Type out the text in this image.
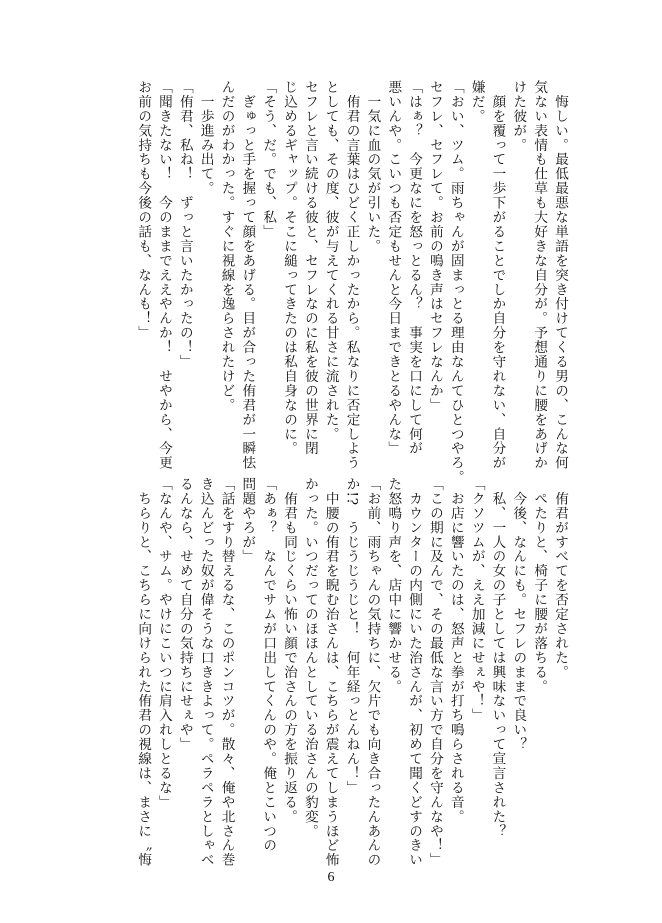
　悔しい。最低最悪な単語を突き付けてくる男の、こんな何
気ない表情も仕草も大好きな自分が。予想通りに腰をあげか
けた彼が。
　顔を覆って一歩下がることでしか自分を守れない、自分が
嫌だ。
「おい、ツム。雨ちゃんが固まっとる理由なんてひとつやろ。
セフレ、セフレて。お前の鳴き声はセフレなんか」
「はぁ？　今更なにを怒っとるん？　事実を口にして何が
悪いんや。こいつも否定もせんと今日まできとるやんな」
　一気に血の気が引いた。
　侑君の言葉はひどく正しかったから。私なりに否定しよう
としても、その度、彼が与えてくれる甘さに流された。
セフレと言い続ける彼と、セフレなのに私を彼の世界に閉
じ込めるギャップ。そこに縋ってきたのは私自身なのに。
「そう、だ。でも、私」
　ぎゅっと手を握って顔をあげる。目が合った侑君が一瞬怯
んだのがわかった。すぐに視線を逸らされたけど。
　一歩進み出て。
「侑君、私ね！　ずっと言いたかったの！」
「聞きたない！　今のままでええやんか！　せやから、今更
お前の気持ちも今後の話も、なんも！」
　侑君がすべてを否定された。
　ぺたりと、椅子に腰が落ちる。
　今後、なんにも。セフレのままで良い？
　私、一人の女の子としては興味ないって宣言された？
「クソツムが、ええ加減にせぇや！」
　お店に響いたのは、怒声と拳が打ち鳴らされる音。
「この期に及んで、その最低な言い方で自分を守んなや！」
　カウンターの内側にいた治さんが、初めて聞くどすのきい
た怒鳴り声を、店中に響かせる。
「お前、雨ちゃんの気持ちに、欠片でも向き合ったんあんの
か!?　うじうじうじと！　何年経っとんねん！」
　中腰の侑君を睨む治さんは、こちらが震えてしまうほど怖
かった。いつだってのほほんとしている治さんの豹変。
　侑君も同じくらい怖い顔で治さんの方を振り返る。
「あぁ？　なんでサムが口出してくんのや。俺とこいつの
問題やろが」
「話をすり替えるな、このポンコツが。散々、俺や北さん巻
き込んどった奴が偉そうな口ききよって。ペラペラとしゃべ
るんなら、せめて自分の気持ちにせぇや」
「なんや、サム。やけにこいつに肩入れしとるな」
　ちらりと、こちらに向けられた侑君の視線は、まさに〝悔
6
